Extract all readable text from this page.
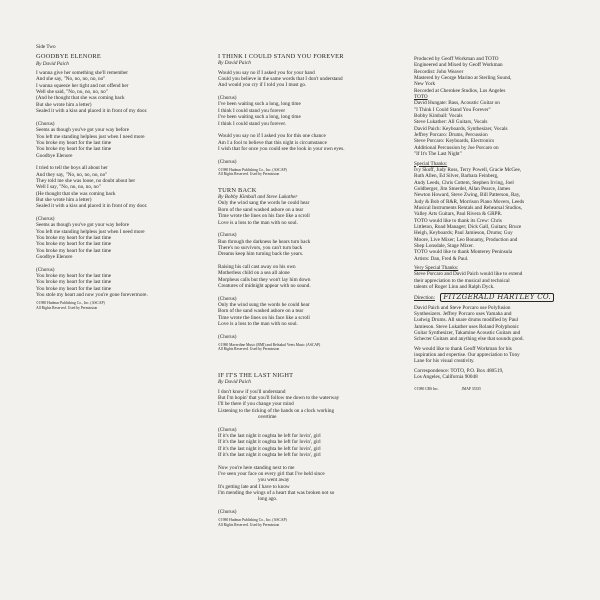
Side Two
GOODBYE ELENORE
By David Paich
I wanna give her something she'll remember
And she say, "No, no, no, no, no"
I wanna squeeze her tight and not offend her
Well she said, "No, no, no, no, no"
(And he thought that she was coming back
But she wrote him a letter)
Sealed it with a kiss and placed it in front of my door.

(Chorus)
Seems as though you've got your way before
You left me standing helpless just when I need more
You broke my heart for the last time
You broke my heart for the last time
Goodbye Elenore

I tried to tell the boys all about her
And they say, "No, no, no, no, no"
They told me she was loose, no doubt about her
Well I say, "No, no, no, no, no"
(He thought that she was coming back
But she wrote him a letter)
Sealed it with a kiss and placed it in front of my door.

(Chorus)
Seems as though you've got your way before
You left me standing helpless just when I need more
You broke my heart for the last time
You broke my heart for the last time
You broke my heart for the last time
Goodbye Elenore

(Chorus)
You broke my heart for the last time
You broke my heart for the last time
You broke my heart for the last time
You stole my heart and now you're gone forevermore.
©1980 Hudmar Publishing Co., Inc. (ASCAP)
All Rights Reserved. Used by Permission
I THINK I COULD STAND YOU FOREVER
By David Paich
Would you say no if I asked you for your hand
Could you believe in the same words that I don't understand
And would you cry if I told you I must go.

(Chorus)
I've been waiting such a long, long time
I think I could stand you forever
I've been waiting such a long, long time
I think I could stand you forever.

Would you say no if I asked you for this one chance
Am I a fool to believe that this night is circumstance
I wish that for once you could see the look in your own eyes.

(Chorus)
©1980 Hudmar Publishing Co., Inc. (ASCAP)
All Rights Reserved. Used by Permission
TURN BACK
By Bobby Kimball and Steve Lukather
Only the wind sang the words he could hear
Born of the sand washed ashore on a tear
Time wrote the lines on his face like a scroll
Love is a loss to the man with no soul.

(Chorus)
Run through the darkness he hears turn back
There's no survivors, you can't turn back
Dreams keep him turning back the years.

Raising his call cast away on his own
Motherless child on a sea all alone
Morpheus calls but they won't lay him down
Creatures of midnight appear with no sound.

(Chorus)
Only the wind sung the words he could hear
Born of the sand washed ashore on a tear
Time wrote the lines on his face like a scroll
Love is a loss to the man with no soul.

(Chorus)
©1980 Maverdine Music (BMI) and Rehtakul Veets Music (ASCAP)
All Rights Reserved. Used by Permission
IF IT'S THE LAST NIGHT
By David Paich
I don't know if you'll understand
But I'm hopin' that you'll follow me down to the waterway
I'll be there if you change your mind
Listening to the ticking of the hands on a clock working
overtime

(Chorus)
If it's the last night it oughta be left for lovin', girl
If it's the last night it oughta be left for lovin', girl
If it's the last night it oughta be left for lovin', girl
If it's the last night it oughta be left for lovin', girl

Now you're here standing next to me
I've seen your face on every girl that I've held since
you went away
It's getting late and I have to know
I'm mending the wings of a heart that was broken not so
long ago.

(Chorus)
©1980 Hudmar Publishing Co., Inc. (ASCAP)
All Rights Reserved. Used by Permission
Produced by Geoff Workman and TOTO
Engineered and Mixed by Geoff Workman
Recordist: John Weaver
Mastered by George Marino at Sterling Sound,
New York
Recorded at Cherokee Studios, Los Angeles
TOTO
David Hungate: Bass, Acoustic Guitar on
"I Think I Could Stand You Forever"
Bobby Kimball: Vocals
Steve Lukather: All Guitars, Vocals
David Paich: Keyboards, Synthesizer, Vocals
Jeffrey Porcaro: Drums, Percussion
Steve Porcaro: Keyboards, Electronics
Additional Percussion by Joe Porcaro on
"If It's The Last Night"
Special Thanks:
Ivy Skoff, Judy Ross, Terry Powell, Gracie McGee,
Ruth Allen, Ed Silver, Barbara Feinberg,
Andy Leeds, Chris Cottem, Stephen Irving, Joel
Goldberger, Jim Smerdel, Allan Pearce, James
Newton Howard, Steve Zwing, Bill Patterson, Ray,
Judy & Bob of R&R, Morrison Piano Movers, Leeds
Musical Instruments Rentals and Rehearsal Studios,
Valley Arts Guitars, Paul Rivera & GRPR.
TOTO would like to thank its Crew: Chris
Littleton, Road Manager; Dick Gall, Guitars; Bruce
Heigh, Keyboards; Paul Jamieson, Drums; Guy
Moore, Live Mixer; Leo Bonamy, Production and
Shep Lonsdale, Stage Mixer.
TOTO would like to thank Monterey Peninsula
Artists: Dan, Fred & Paul.
Very Special Thanks:
Steve Porcaro and David Paich would like to extend
their appreciation to the musical and technical
talents of Roger Linn and Ralph Dyck.
Direction: FITZGERALD HARTLEY CO.
David Paich and Steve Porcaro use Polyfusion
Synthesizers. Jeffrey Porcaro uses Yamaha and
Ludwig Drums. All snare drums modified by Paul
Jamieson. Steve Lukather uses Roland Polyphonic
Guitar Synthesizer, Takamine Acoustic Guitars and
Schecter Guitars and anything else that sounds good.
We would like to thank Geoff Workman for his
inspiration and expertise. Our appreciation to Tony
Lane for his visual creativity.
Correspondence: TOTO, P.O. Box 480519,
Los Angeles, California 90048
©1980 CBS Inc.	JMAP 35335
